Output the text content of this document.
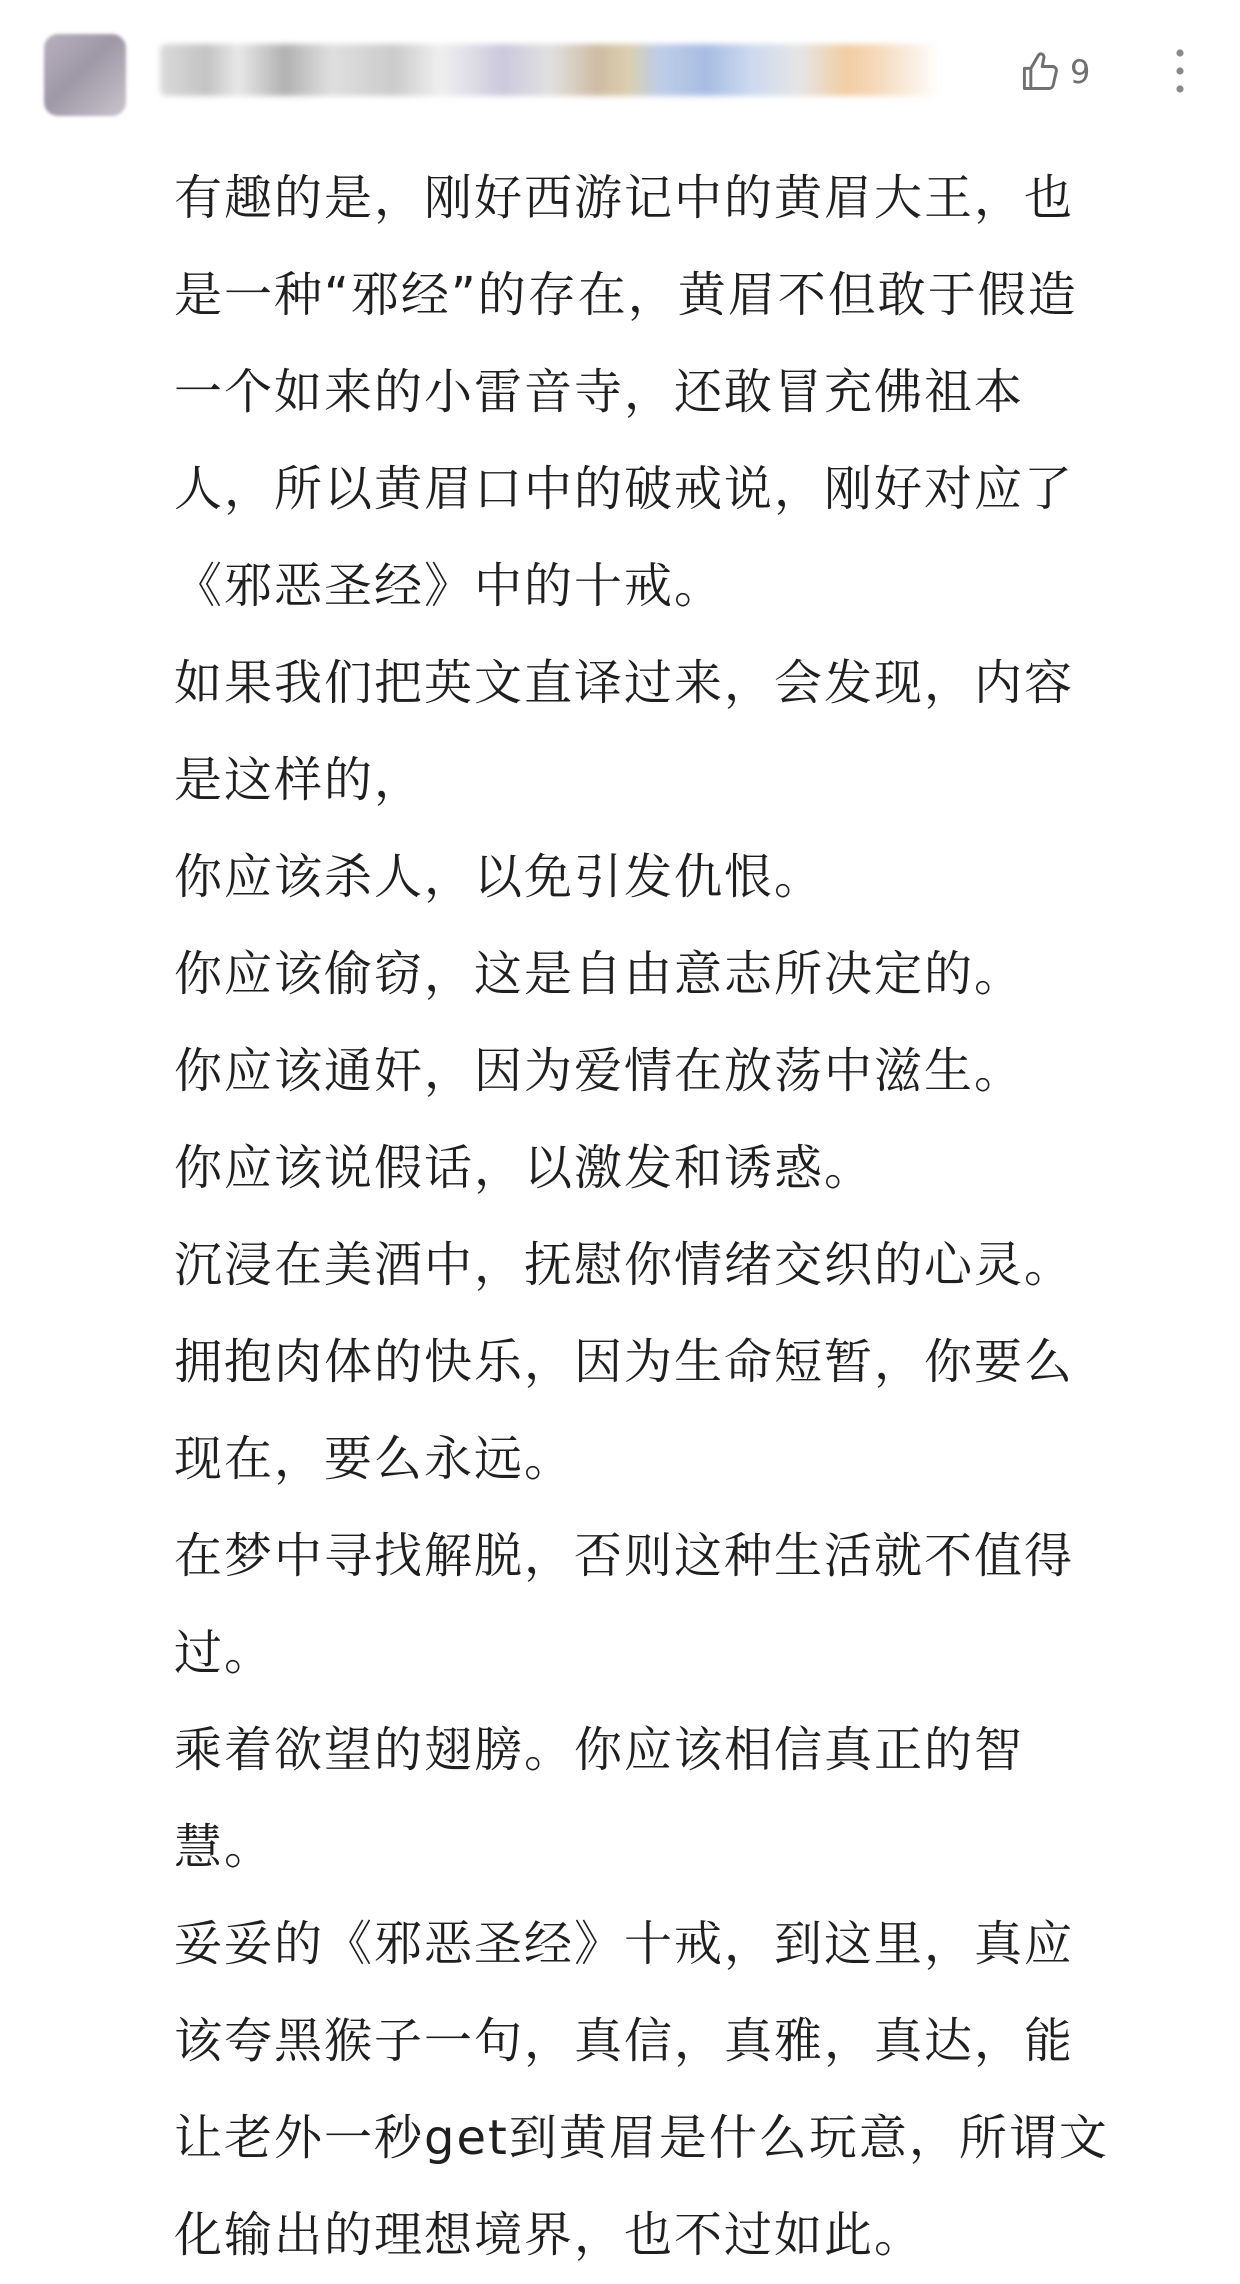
9
有趣的是，刚好西游记中的黄眉大王，也
是一种“邪经”的存在，黄眉不但敢于假造
一个如来的小雷音寺，还敢冒充佛祖本
人，所以黄眉口中的破戒说，刚好对应了
《邪恶圣经》中的十戒。
如果我们把英文直译过来，会发现，内容
是这样的，
你应该杀人，以免引发仇恨。
你应该偷窃，这是自由意志所决定的。
你应该通奸，因为爱情在放荡中滋生。
你应该说假话，以激发和诱惑。
沉浸在美酒中，抚慰你情绪交织的心灵。
拥抱肉体的快乐，因为生命短暂，你要么
现在，要么永远。
在梦中寻找解脱，否则这种生活就不值得
过。
乘着欲望的翅膀。你应该相信真正的智
慧。
妥妥的《邪恶圣经》十戒，到这里，真应
该夸黑猴子一句，真信，真雅，真达，能
让老外一秒get到黄眉是什么玩意，所谓文
化输出的理想境界，也不过如此。
